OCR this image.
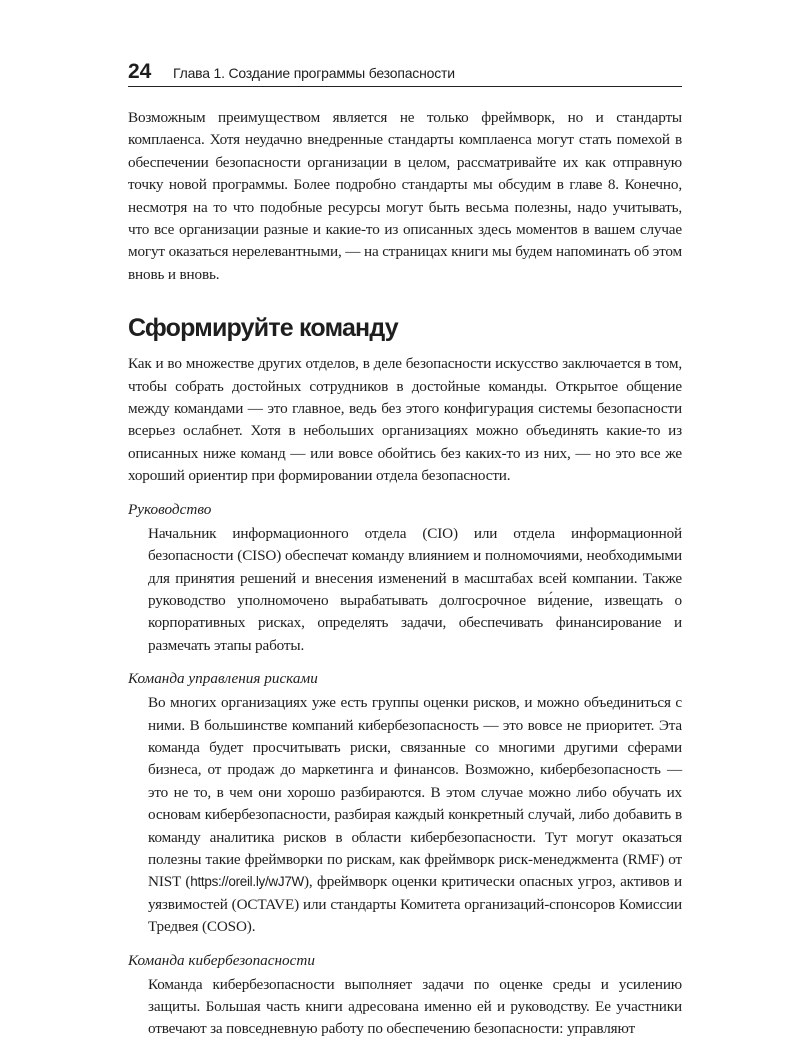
24 Глава 1. Создание программы безопасности

Возможным преимуществом является не только фреймворк, но и стандарты комплаенса. Хотя неудачно внедренные стандарты комплаенса могут стать помехой в обеспечении безопасности организации в целом, рассматривайте их как отправную точку новой программы. Более подробно стандарты мы обсудим в главе 8. Конечно, несмотря на то что подобные ресурсы могут быть весьма полезны, надо учитывать, что все организации разные и какие-то из описанных здесь моментов в вашем случае могут оказаться нерелевантными, — на страницах книги мы будем напоминать об этом вновь и вновь.

Сформируйте команду

Как и во множестве других отделов, в деле безопасности искусство заключается в том, чтобы собрать достойных сотрудников в достойные команды. Открытое общение между командами — это главное, ведь без этого конфигурация системы безопасности всерьез ослабнет. Хотя в небольших организациях можно объединять какие-то из описанных ниже команд — или вовсе обойтись без каких-то из них, — но это все же хороший ориентир при формировании отдела безопасности.

Руководство

Начальник информационного отдела (CIO) или отдела информационной безопасности (CISO) обеспечат команду влиянием и полномочиями, необходимыми для принятия решений и внесения изменений в масштабах всей компании. Также руководство уполномочено вырабатывать долгосрочное ви́дение, извещать о корпоративных рисках, определять задачи, обеспечивать финансирование и размечать этапы работы.

Команда управления рисками

Во многих организациях уже есть группы оценки рисков, и можно объединиться с ними. В большинстве компаний кибербезопасность — это вовсе не приоритет. Эта команда будет просчитывать риски, связанные со многими другими сферами бизнеса, от продаж до маркетинга и финансов. Возможно, кибербезопасность — это не то, в чем они хорошо разбираются. В этом случае можно либо обучать их основам кибербезопасности, разбирая каждый конкретный случай, либо добавить в команду аналитика рисков в области кибербезопасности. Тут могут оказаться полезны такие фреймворки по рискам, как фреймворк риск-менеджмента (RMF) от NIST (https://oreil.ly/wJ7W), фреймворк оценки критически опасных угроз, активов и уязвимостей (OCTAVE) или стандарты Комитета организаций-спонсоров Комиссии Тредвея (COSO).

Команда кибербезопасности

Команда кибербезопасности выполняет задачи по оценке среды и усилению защиты. Большая часть книги адресована именно ей и руководству. Ее участники отвечают за повседневную работу по обеспечению безопасности: управляют
